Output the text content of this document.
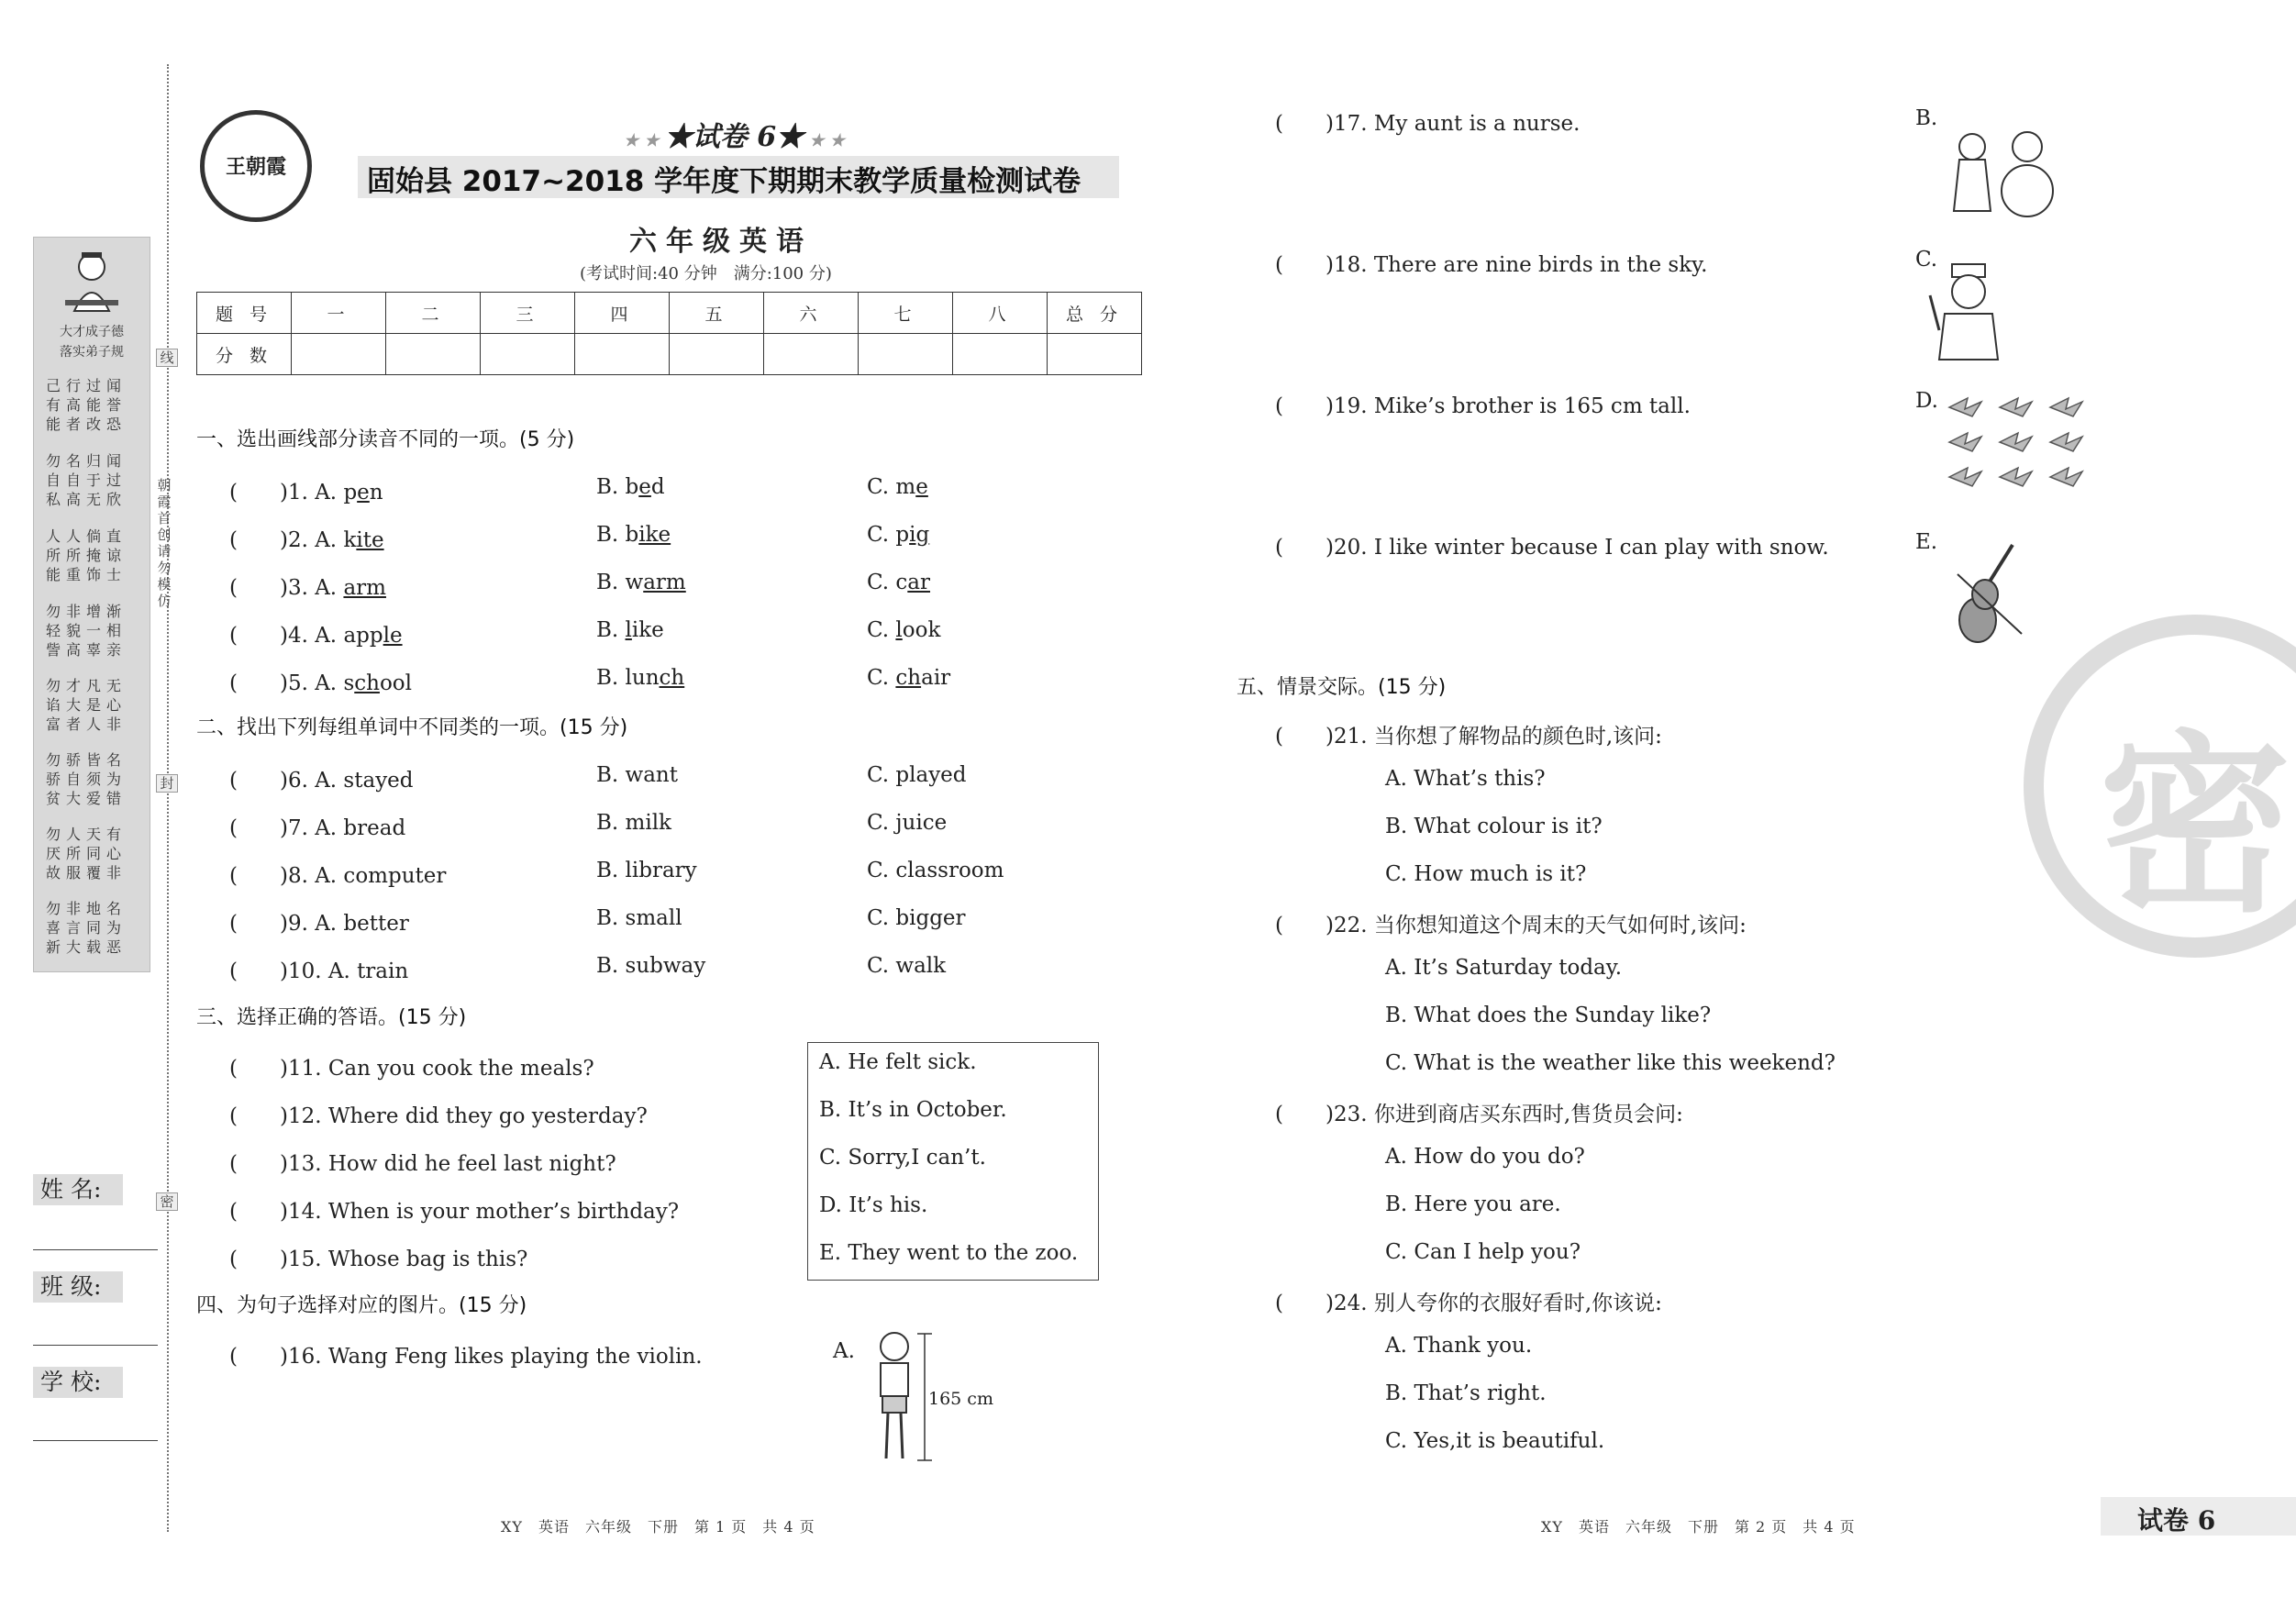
大才成子德
落实弟子规
己行过闻 有高能誉 能者改恐
勿名归闻 自自于过 私高无欣
人人倘直 所所掩谅 能重饰士
勿非增渐 轻貌一相 訾高辜亲
勿才凡无 谄大是心 富者人非
勿骄皆名 骄自须为 贫大爱错
勿人天有 厌所同心 故服覆非
勿非地名 喜言同为 新大载恶
线
封
密
朝霞首创 请勿模仿
姓 名:
班 级:
学 校:
王朝霞
★ ★ ★试卷 6★ ★ ★
固始县 2017~2018 学年度下期期末教学质量检测试卷
六年级英语
(考试时间:40 分钟　满分:100 分)
题 号	一	二	三	四	五	六	七	八	总 分
分 数									
一、选出画线部分读音不同的一项。(5 分)
(　　)1. A. pen	B. bed	C. me
(　　)2. A. kite	B. bike	C. pig
(　　)3. A. arm	B. warm	C. car
(　　)4. A. apple	B. like	C. look
(　　)5. A. school	B. lunch	C. chair
二、找出下列每组单词中不同类的一项。(15 分)
(　　)6. A. stayed	B. want	C. played
(　　)7. A. bread	B. milk	C. juice
(　　)8. A. computer	B. library	C. classroom
(　　)9. A. better	B. small	C. bigger
(　　)10. A. train	B. subway	C. walk
三、选择正确的答语。(15 分)
(　　)11. Can you cook the meals?
(　　)12. Where did they go yesterday?
(　　)13. How did he feel last night?
(　　)14. When is your mother’s birthday?
(　　)15. Whose bag is this?
A. He felt sick.
B. It’s in October.
C. Sorry,I can’t.
D. It’s his.
E. They went to the zoo.
四、为句子选择对应的图片。(15 分)
(　　)16. Wang Feng likes playing the violin.	A.
165 cm
(　　)17. My aunt is a nurse.
(　　)18. There are nine birds in the sky.
(　　)19. Mike’s brother is 165 cm tall.
(　　)20. I like winter because I can play with snow.
B.
C.
D.
E.
五、情景交际。(15 分)
(　　)21. 当你想了解物品的颜色时,该问:
A. What’s this?
B. What colour is it?
C. How much is it?
(　　)22. 当你想知道这个周末的天气如何时,该问:
A. It’s Saturday today.
B. What does the Sunday like?
C. What is the weather like this weekend?
(　　)23. 你进到商店买东西时,售货员会问:
A. How do you do?
B. Here you are.
C. Can I help you?
(　　)24. 别人夸你的衣服好看时,你该说:
A. Thank you.
B. That’s right.
C. Yes,it is beautiful.
密
XY　英语　六年级　下册　第 1 页　共 4 页	XY　英语　六年级　下册　第 2 页　共 4 页	试卷 6
